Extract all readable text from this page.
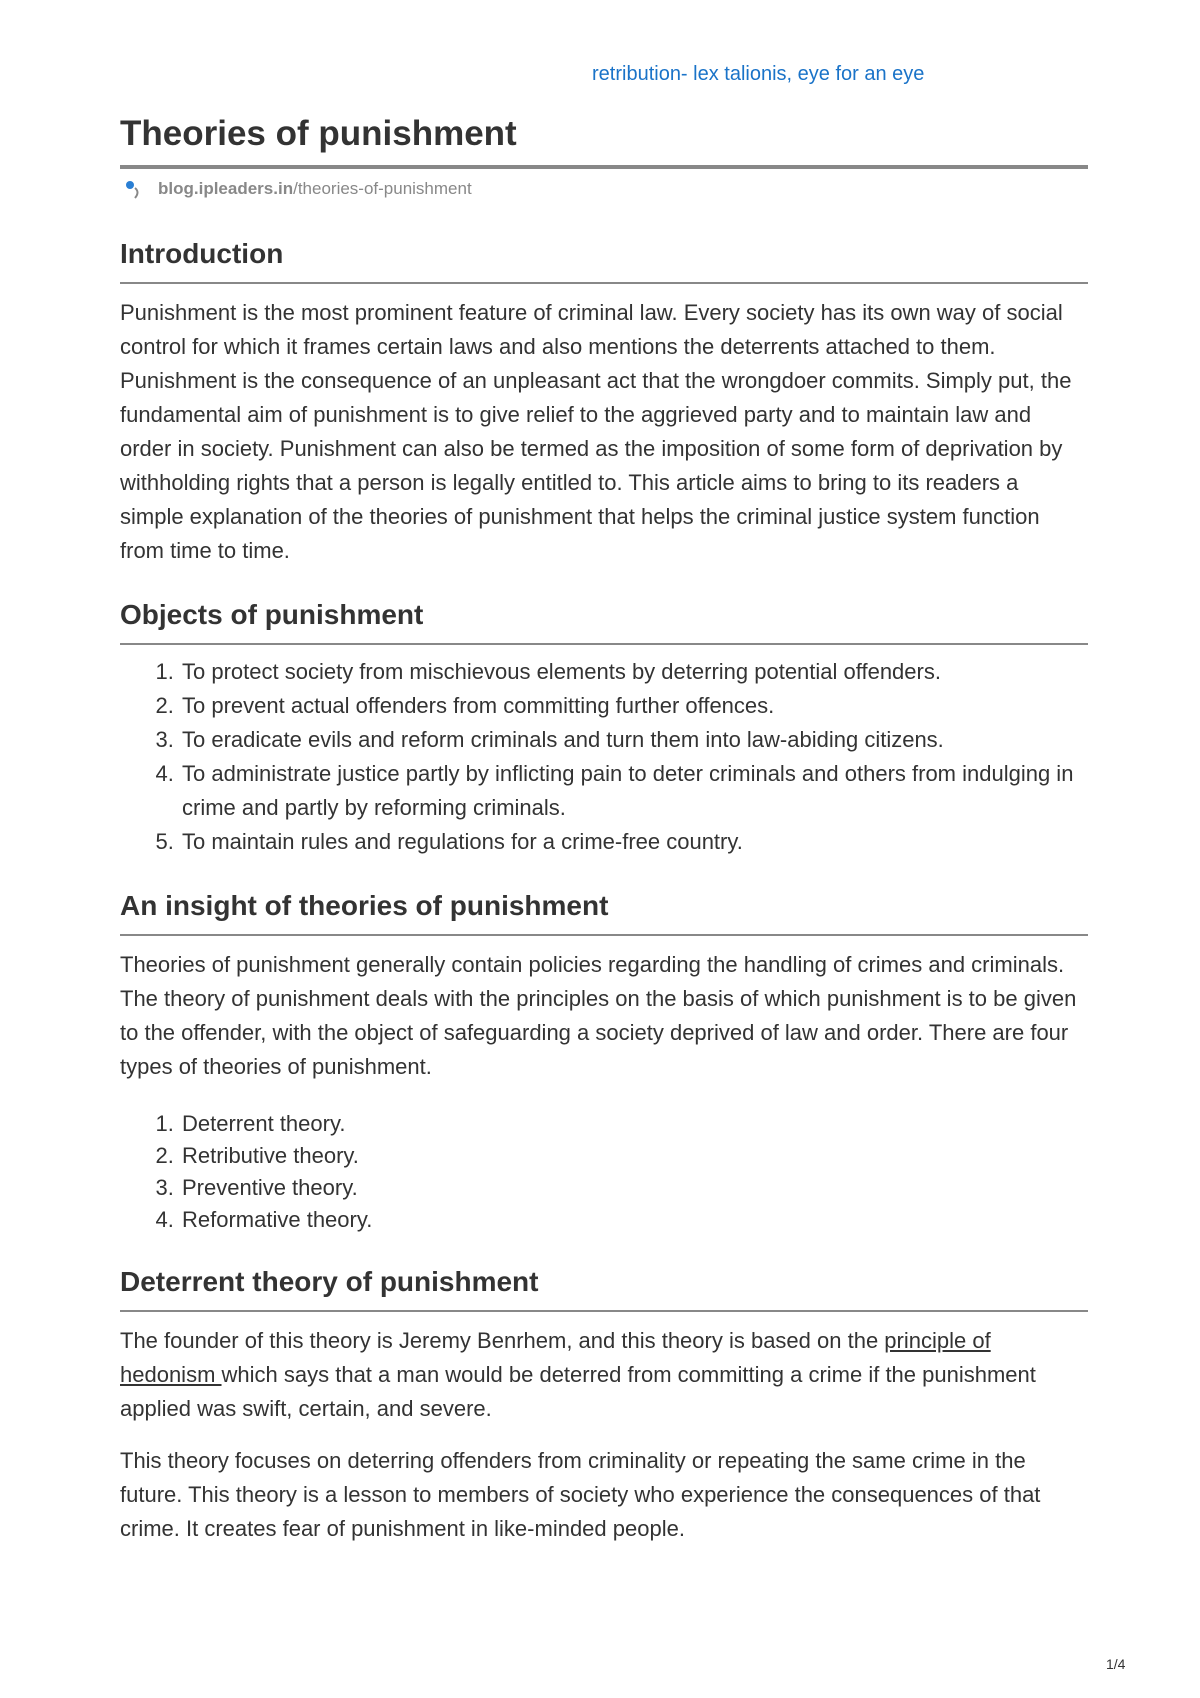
retribution- lex talionis, eye for an eye
Theories of punishment
blog.ipleaders.in /theories-of-punishment
Introduction

Punishment is the most prominent feature of criminal law. Every society has its own way of social control for which it frames certain laws and also mentions the deterrents attached to them. Punishment is the consequence of an unpleasant act that the wrongdoer commits. Simply put, the fundamental aim of punishment is to give relief to the aggrieved party and to maintain law and order in society. Punishment can also be termed as the imposition of some form of deprivation by withholding rights that a person is legally entitled to. This article aims to bring to its readers a simple explanation of the theories of punishment that helps the criminal justice system function from time to time.

Objects of punishment
1. To protect society from mischievous elements by deterring potential offenders.
2. To prevent actual offenders from committing further offences.
3. To eradicate evils and reform criminals and turn them into law-abiding citizens.
4. To administrate justice partly by inflicting pain to deter criminals and others from indulging in crime and partly by reforming criminals.
5. To maintain rules and regulations for a crime-free country.
An insight of theories of punishment

Theories of punishment generally contain policies regarding the handling of crimes and criminals. The theory of punishment deals with the principles on the basis of which punishment is to be given to the offender, with the object of safeguarding a society deprived of law and order. There are four types of theories of punishment.

1. Deterrent theory.
2. Retributive theory.
3. Preventive theory.
4. Reformative theory.
Deterrent theory of punishment

The founder of this theory is Jeremy Benrhem, and this theory is based on the principle of hedonism which says that a man would be deterred from committing a crime if the punishment applied was swift, certain, and severe.

This theory focuses on deterring offenders from criminality or repeating the same crime in the future. This theory is a lesson to members of society who experience the consequences of that crime. It creates fear of punishment in like-minded people.

1/4
